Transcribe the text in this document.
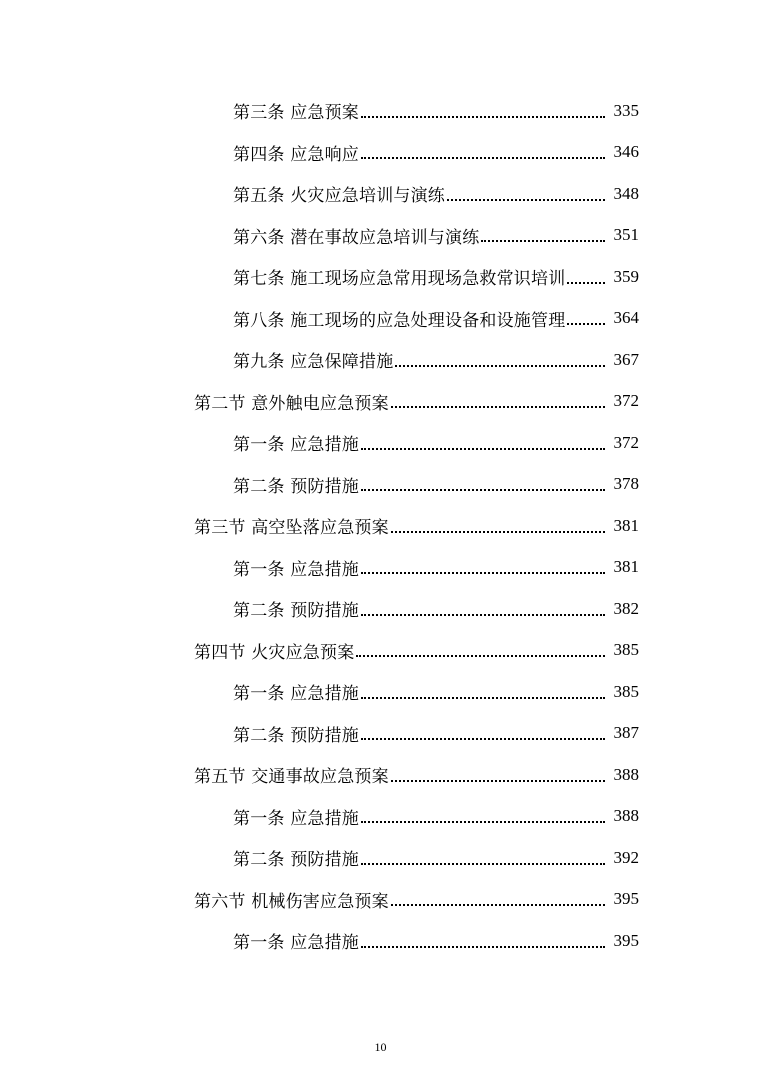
第三条 应急预案	335
第四条 应急响应	346
第五条 火灾应急培训与演练	348
第六条 潜在事故应急培训与演练	351
第七条 施工现场应急常用现场急救常识培训	359
第八条 施工现场的应急处理设备和设施管理	364
第九条 应急保障措施	367
第二节 意外触电应急预案	372
第一条 应急措施	372
第二条 预防措施	378
第三节 高空坠落应急预案	381
第一条 应急措施	381
第二条 预防措施	382
第四节 火灾应急预案	385
第一条 应急措施	385
第二条 预防措施	387
第五节 交通事故应急预案	388
第一条 应急措施	388
第二条 预防措施	392
第六节 机械伤害应急预案	395
第一条 应急措施	395
10
